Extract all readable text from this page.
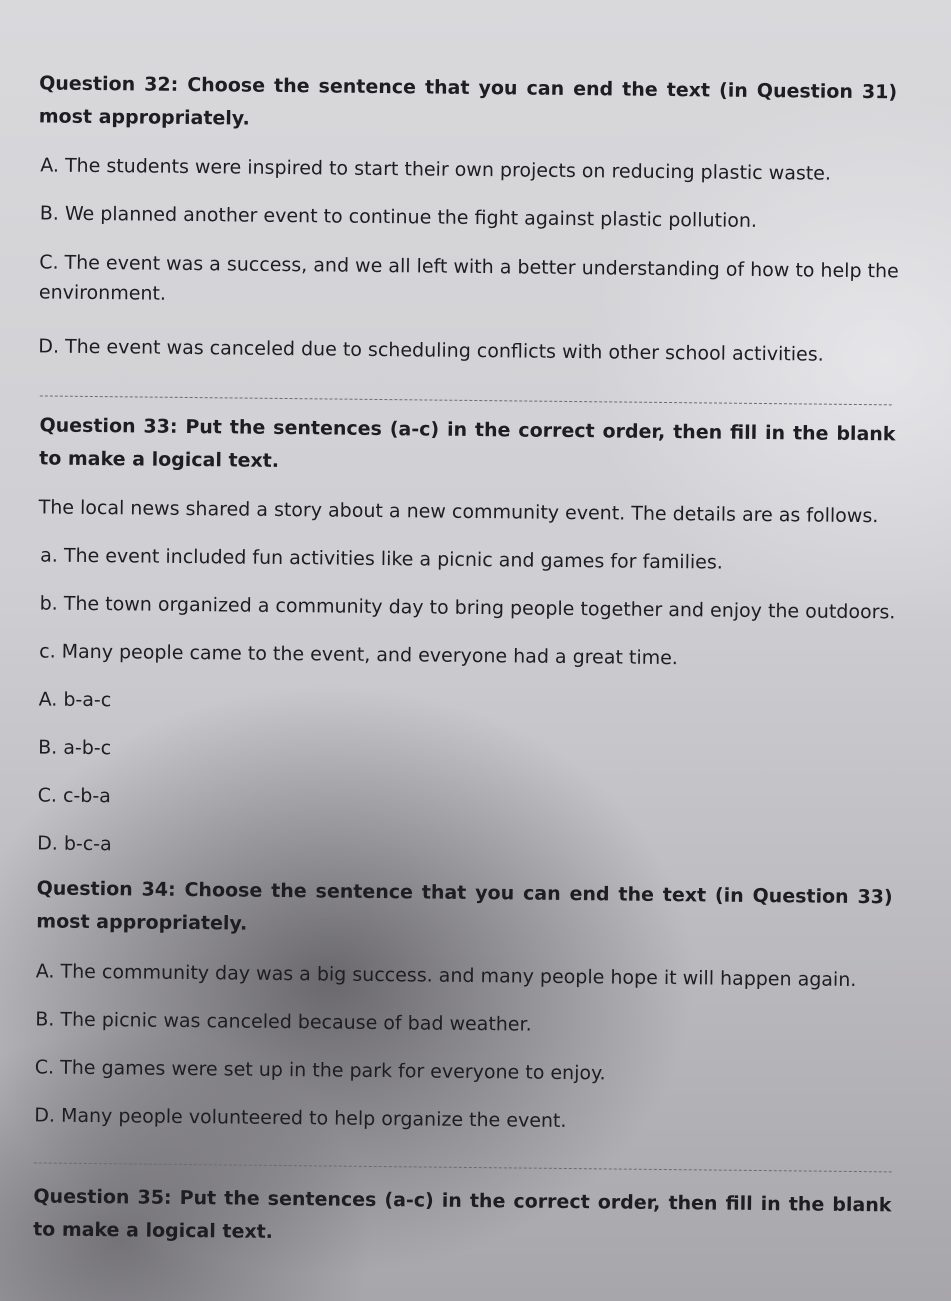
Question 32: Choose the sentence that you can end the text (in Question 31) most appropriately.

A. The students were inspired to start their own projects on reducing plastic waste.

B. We planned another event to continue the fight against plastic pollution.

C. The event was a success, and we all left with a better understanding of how to help the environment.

D. The event was canceled due to scheduling conflicts with other school activities.

Question 33: Put the sentences (a-c) in the correct order, then fill in the blank to make a logical text.

The local news shared a story about a new community event. The details are as follows.

a. The event included fun activities like a picnic and games for families.

b. The town organized a community day to bring people together and enjoy the outdoors.

c. Many people came to the event, and everyone had a great time.

A. b-a-c

B. a-b-c

C. c-b-a

D. b-c-a

Question 34: Choose the sentence that you can end the text (in Question 33) most appropriately.

A. The community day was a big success. and many people hope it will happen again.

B. The picnic was canceled because of bad weather.

C. The games were set up in the park for everyone to enjoy.

D. Many people volunteered to help organize the event.

Question 35: Put the sentences (a-c) in the correct order, then fill in the blank to make a logical text.
